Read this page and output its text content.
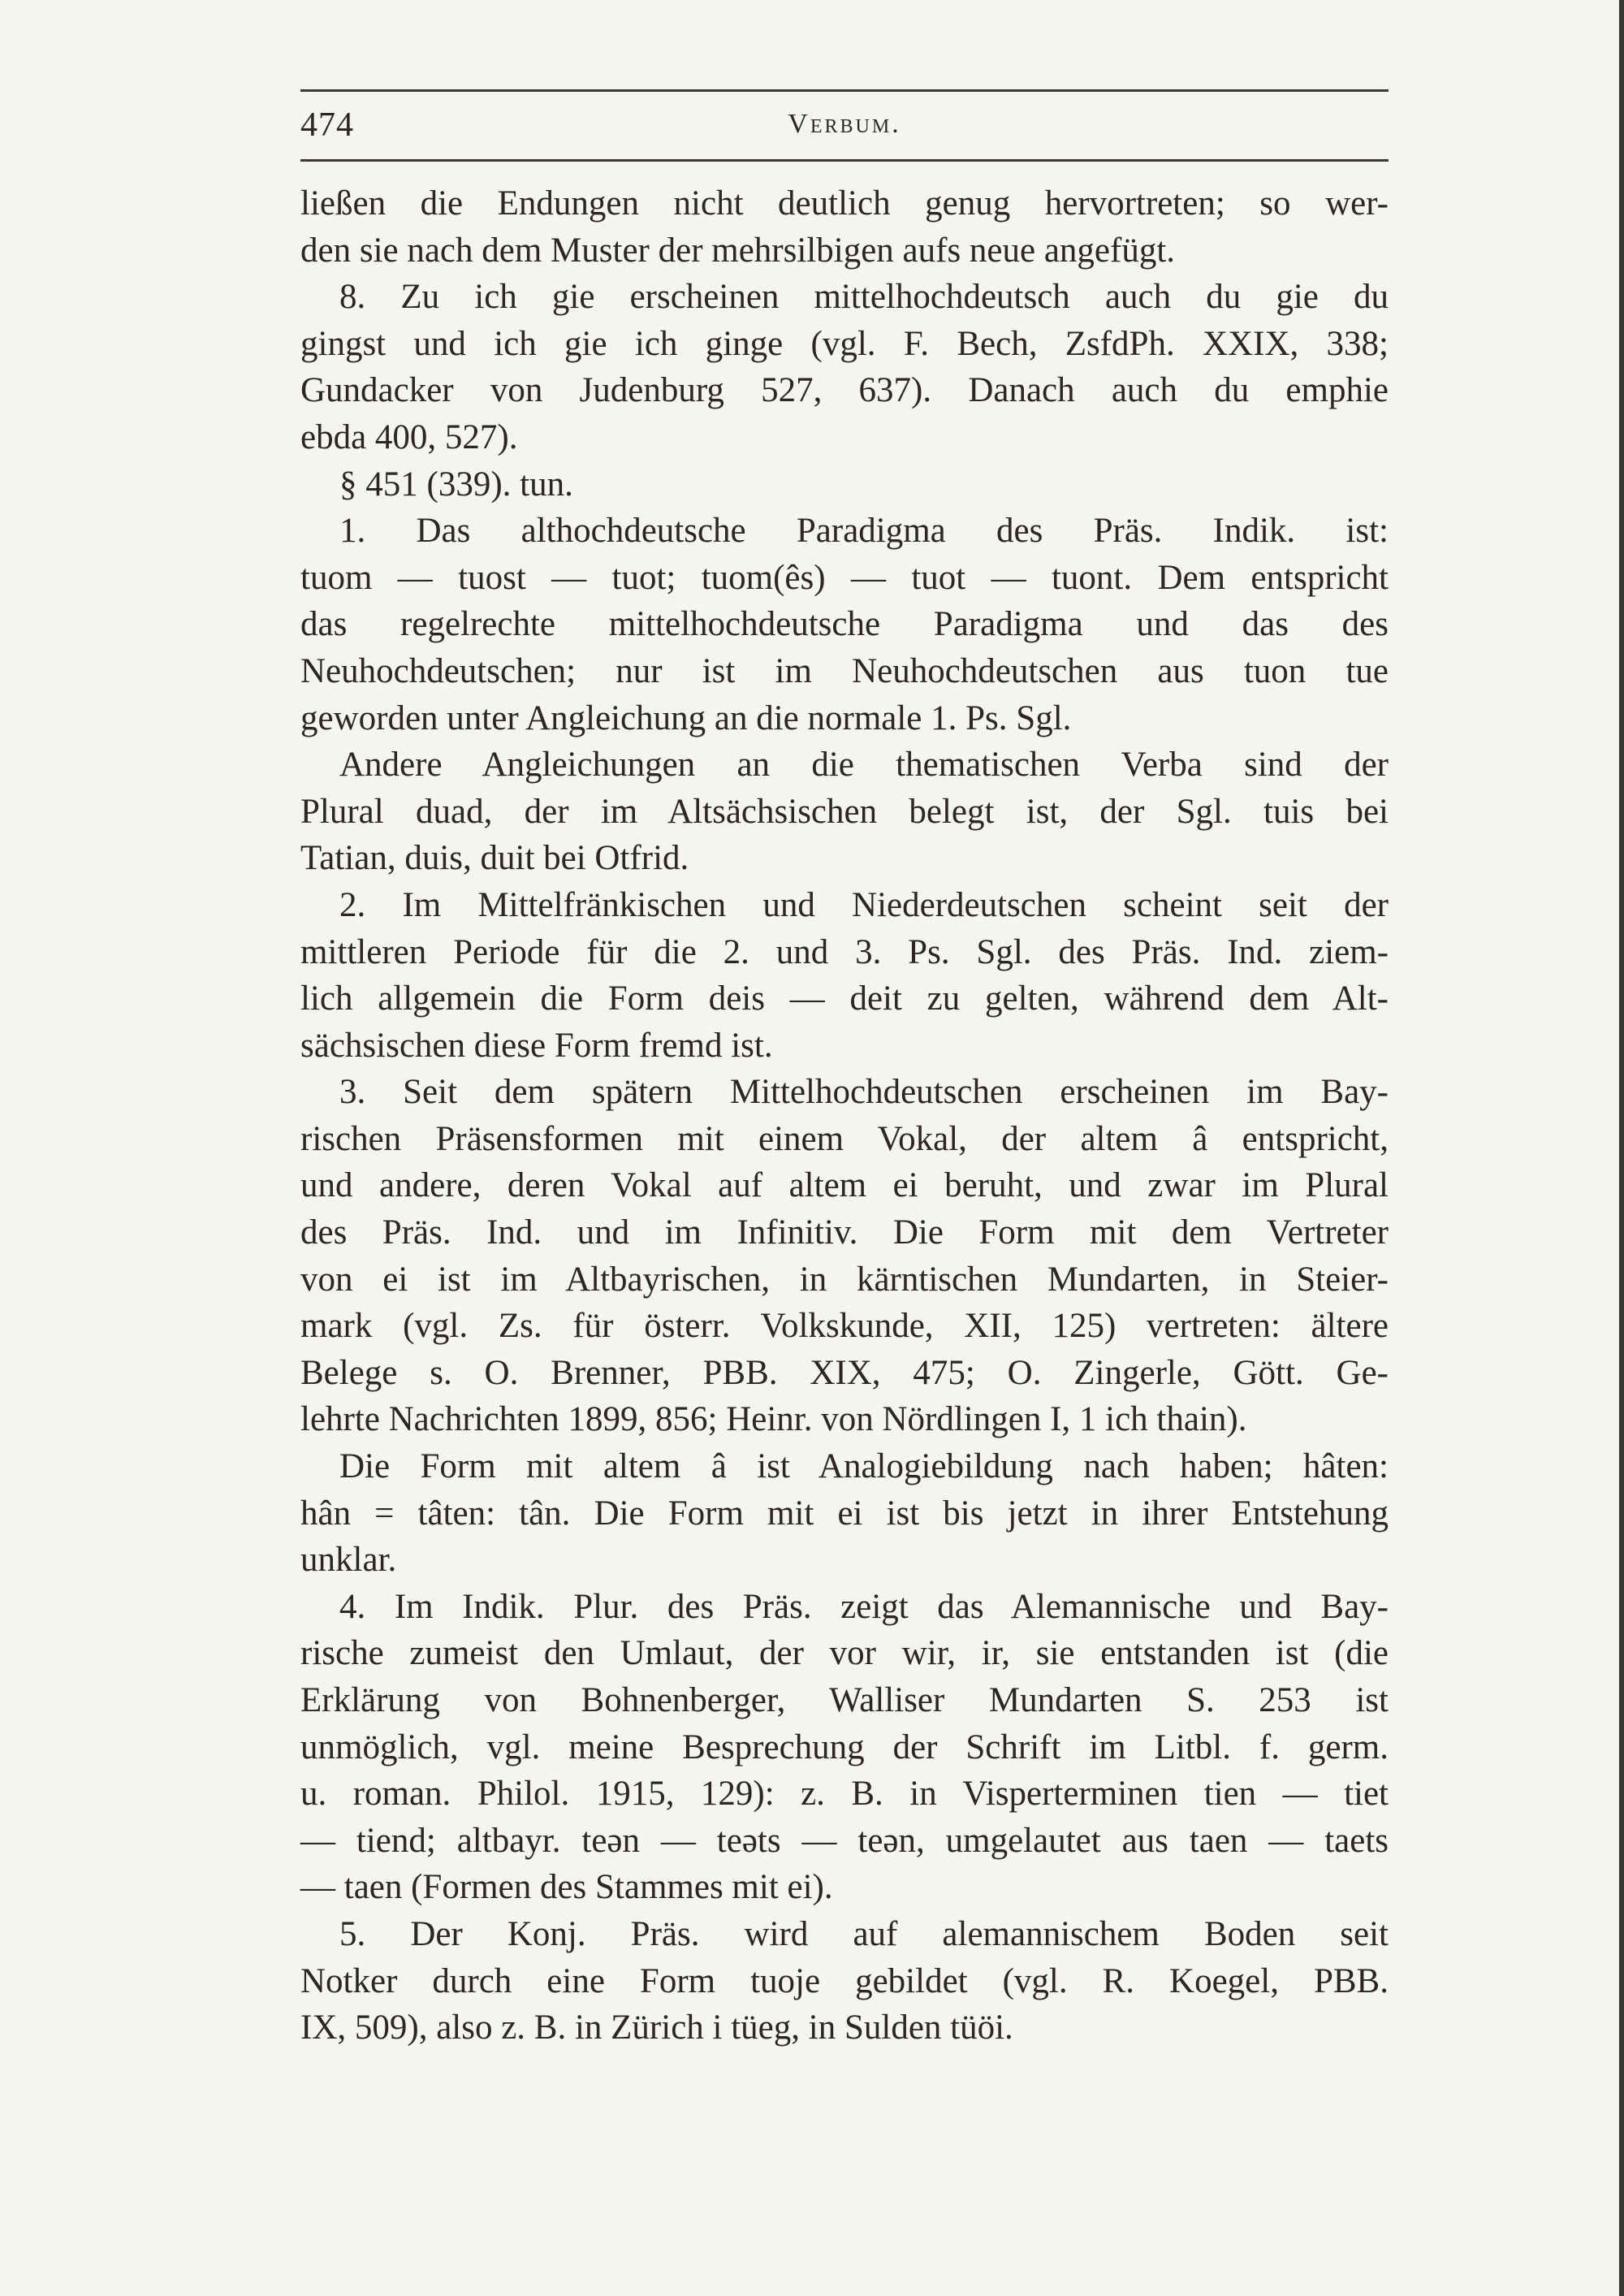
474	Verbum.
ließen die Endungen nicht deutlich genug hervortreten; so wer-
den sie nach dem Muster der mehrsilbigen aufs neue angefügt.
8. Zu ich gie erscheinen mittelhochdeutsch auch du gie du
gingst und ich gie ich ginge (vgl. F. Bech, ZsfdPh. XXIX, 338;
Gundacker von Judenburg 527, 637). Danach auch du emphie
ebda 400, 527).
§ 451 (339). tun.
1. Das althochdeutsche Paradigma des Präs. Indik. ist:
tuom — tuost — tuot; tuom(ês) — tuot — tuont. Dem entspricht
das regelrechte mittelhochdeutsche Paradigma und das des
Neuhochdeutschen; nur ist im Neuhochdeutschen aus tuon tue
geworden unter Angleichung an die normale 1. Ps. Sgl.
Andere Angleichungen an die thematischen Verba sind der
Plural duad, der im Altsächsischen belegt ist, der Sgl. tuis bei
Tatian, duis, duit bei Otfrid.
2. Im Mittelfränkischen und Niederdeutschen scheint seit der
mittleren Periode für die 2. und 3. Ps. Sgl. des Präs. Ind. ziem-
lich allgemein die Form deis — deit zu gelten, während dem Alt-
sächsischen diese Form fremd ist.
3. Seit dem spätern Mittelhochdeutschen erscheinen im Bay-
rischen Präsensformen mit einem Vokal, der altem â entspricht,
und andere, deren Vokal auf altem ei beruht, und zwar im Plural
des Präs. Ind. und im Infinitiv. Die Form mit dem Vertreter
von ei ist im Altbayrischen, in kärntischen Mundarten, in Steier-
mark (vgl. Zs. für österr. Volkskunde, XII, 125) vertreten: ältere
Belege s. O. Brenner, PBB. XIX, 475; O. Zingerle, Gött. Ge-
lehrte Nachrichten 1899, 856; Heinr. von Nördlingen I, 1 ich thain).
Die Form mit altem â ist Analogiebildung nach haben; hâten:
hân = tâten: tân. Die Form mit ei ist bis jetzt in ihrer Entstehung
unklar.
4. Im Indik. Plur. des Präs. zeigt das Alemannische und Bay-
rische zumeist den Umlaut, der vor wir, ir, sie entstanden ist (die
Erklärung von Bohnenberger, Walliser Mundarten S. 253 ist
unmöglich, vgl. meine Besprechung der Schrift im Litbl. f. germ.
u. roman. Philol. 1915, 129): z. B. in Visperterminen tien — tiet
— tiend; altbayr. teən — teəts — teən, umgelautet aus taen — taets
— taen (Formen des Stammes mit ei).
5. Der Konj. Präs. wird auf alemannischem Boden seit
Notker durch eine Form tuoje gebildet (vgl. R. Koegel, PBB.
IX, 509), also z. B. in Zürich i tüeg, in Sulden tüöi.
